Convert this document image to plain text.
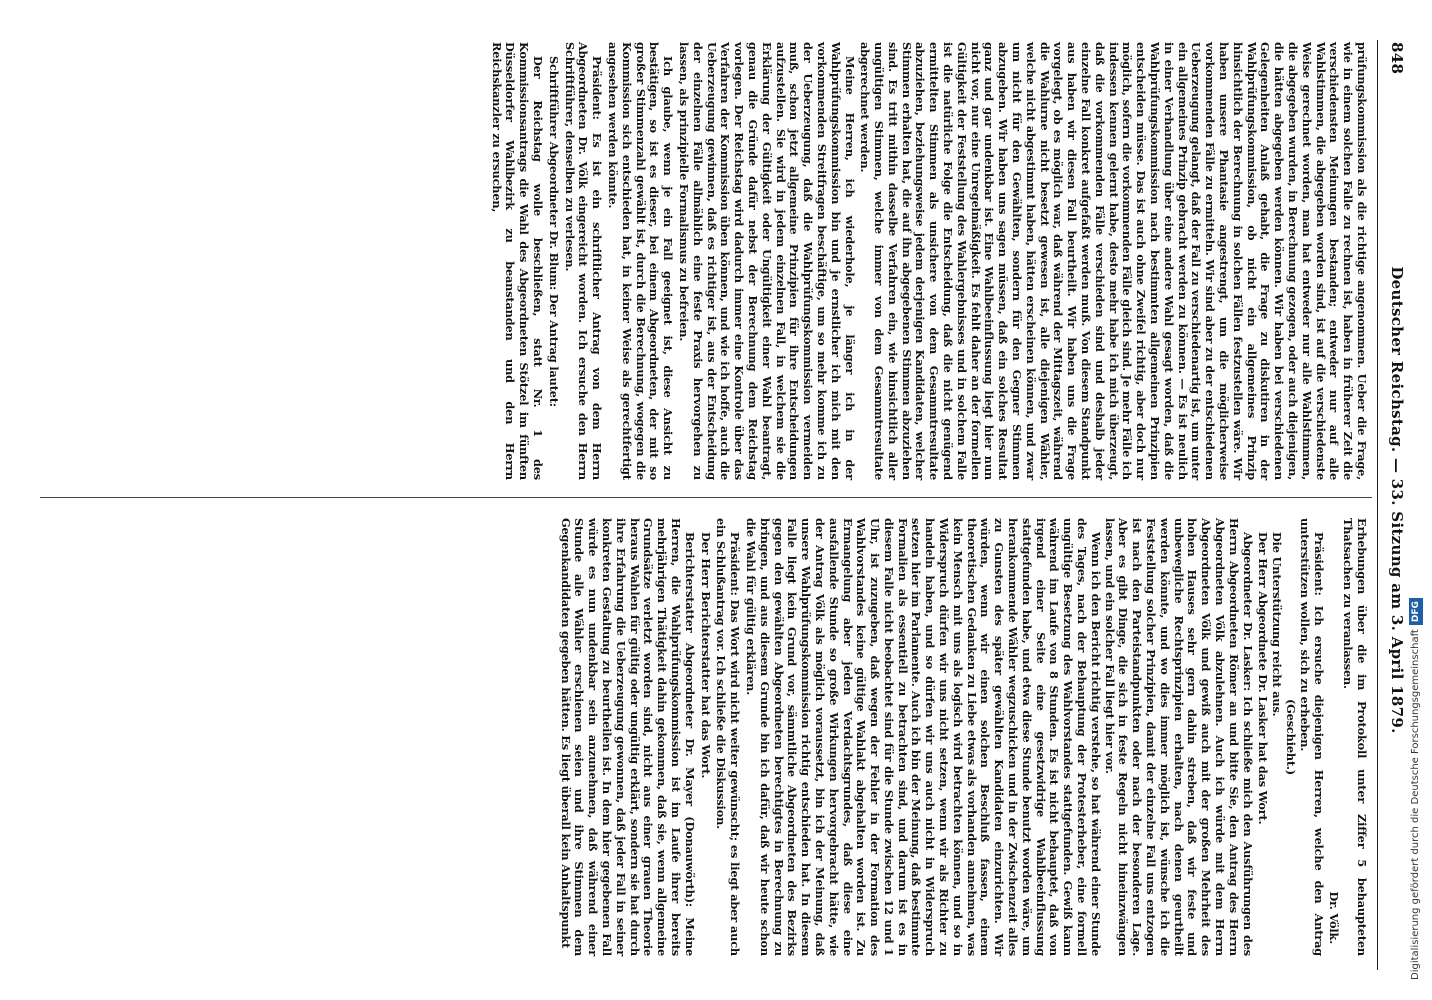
848
Deutscher Reichstag. — 33. Sitzung am 3. April 1879.

prüfungskommission als die richtige angenommen. Ueber die Frage, wie in einem solchen Falle zu rechnen ist, haben in früherer Zeit die verschiedensten Meinungen bestanden; entweder nur auf alle Wahlstimmen, die abgegeben worden sind, ist auf die verschiedenste Weise gerechnet worden, man hat entweder nur alle Wahlstimmen, die abgegeben wurden, in Berechnung gezogen, oder auch diejenigen, die hätten abgegeben werden können. Wir haben bei verschiedenen Gelegenheiten Anlaß gehabt, die Frage zu diskutiren in der Wahlprüfungskommission, ob nicht ein allgemeines Prinzip hinsichtlich der Berechnung in solchen Fällen festzustellen wäre. Wir haben unsere Phantasie angestrengt, um die möglicherweise vorkommenden Fälle zu ermitteln. Wir sind aber zu der entschiedenen Ueberzeugung gelangt, daß der Fall zu verschiedenartig ist, um unter ein allgemeines Prinzip gebracht werden zu können. — Es ist neulich in einer Verhandlung über eine andere Wahl gesagt worden, daß die Wahlprüfungskommission nach bestimmten allgemeinen Prinzipien entscheiden müsse. Das ist auch ohne Zweifel richtig, aber doch nur möglich, sofern die vorkommenden Fälle gleich sind. Je mehr Fälle ich indessen kennen gelernt habe, desto mehr habe ich mich überzeugt, daß die vorkommenden Fälle verschieden sind und deshalb jeder einzelne Fall konkret aufgefaßt werden muß. Von diesem Standpunkt aus haben wir diesen Fall beurtheilt. Wir haben uns die Frage vorgelegt, ob es möglich war, daß während der Mittagszeit, während die Wahlurne nicht besetzt gewesen ist, alle diejenigen Wähler, welche nicht abgestimmt haben, hätten erscheinen können, und zwar um nicht für den Gewählten, sondern für den Gegner Stimmen abzugeben. Wir haben uns sagen müssen, daß ein solches Resultat ganz und gar undenkbar ist. Eine Wahlbeeinflussung liegt hier nun nicht vor, nur eine Unregelmäßigkeit. Es fehlt daher an der formellen Gültigkeit der Feststellung des Wahlergebnisses und in solchem Falle ist die natürliche Folge die Entscheidung, daß die nicht genügend ermittelten Stimmen als unsichere von dem Gesammtresultate abzuziehen, beziehungsweise jedem derjenigen Kandidaten, welcher Stimmen erhalten hat, die auf ihn abgegebenen Stimmen abzuziehen sind. Es tritt mithin dasselbe Verfahren ein, wie hinsichtlich aller ungültigen Stimmen, welche immer von dem Gesammtresultate abgerechnet werden.

Meine Herren, ich wiederhole, je länger ich in der Wahlprüfungskommission bin und je ernstlicher ich mich mit den vorkommenden Streitfragen beschäftige, um so mehr komme ich zu der Ueberzeugung, daß die Wahlprüfungskommission vermeiden muß, schon jetzt allgemeine Prinzipien für ihre Entscheidungen aufzustellen. Sie wird in jedem einzelnen Fall, in welchem sie die Erklärung der Gültigkeit oder Ungültigkeit einer Wahl beantragt, genau die Gründe dafür nebst der Berechnung dem Reichstag vorlegen. Der Reichstag wird dadurch immer eine Kontrole über das Verfahren der Kommission üben können, und wie ich hoffe, auch die Ueberzeugung gewinnen, daß es richtiger ist, aus der Entscheidung der einzelnen Fälle allmählich eine feste Praxis hervorgehen zu lassen, als prinzipielle Formalismus zu befreien.

Ich glaube, wenn je ein Fall geeignet ist, diese Ansicht zu bestätigen, so ist es dieser, bei einem Abgeordneten, der mit so großer Stimmenzahl gewählt ist, durch die Berechnung, wogegen die Kommission sich entschieden hat, in keiner Weise als gerechtfertigt angesehen werden könnte.

Präsident: Es ist ein schriftlicher Antrag von dem Herrn Abgeordneten Dr. Völk eingereicht worden. Ich ersuche den Herrn Schriftführer, denselben zu verlesen.

Schriftführer Abgeordneter Dr. Blum: Der Antrag lautet:

Der Reichstag wolle beschließen, statt Nr. 1 des Kommissionsantrags die Wahl des Abgeordneten Stötzel im fünften Düsseldorfer Wahlbezirk zu beanstanden und den Herrn Reichskanzler zu ersuchen,

Erhebungen über die im Protokoll unter Ziffer 5 behaupteten Thatsachen zu veranlassen.

Dr. Völk.

Präsident: Ich ersuche diejenigen Herren, welche den Antrag unterstützen wollen, sich zu erheben.

(Geschieht.)

Die Unterstützung reicht aus.

Der Herr Abgeordnete Dr. Lasker hat das Wort.

Abgeordneter Dr. Lasker: Ich schließe mich den Ausführungen des Herrn Abgeordneten Römer an und bitte Sie, den Antrag des Herrn Abgeordneten Völk abzulehnen. Auch ich würde mit dem Herrn Abgeordneten Völk und gewiß auch mit der großen Mehrheit des hohen Hauses sehr gern dahin streben, daß wir feste und unbewegliche Rechtsprinzipien erhalten, nach denen geurtheilt werden könnte, und wo dies immer möglich ist, wünsche ich die Feststellung solcher Prinzipien, damit der einzelne Fall uns entzogen ist nach den Parteistandpunkten oder nach der besonderen Lage. Aber es gibt Dinge, die sich in feste Regeln nicht hineinzwängen lassen, und ein solcher Fall liegt hier vor.

Wenn ich den Bericht richtig verstehe, so hat während einer Stunde des Tages, nach der Behauptung der Protesterheber, eine formell ungültige Besetzung des Wahlvorstandes stattgefunden. Gewiß kann während im Laufe von 8 Stunden. Es ist nicht behauptet, daß von irgend einer Seite eine gesetzwidrige Wahlbeeinflussung stattgefunden habe, und etwa diese Stunde benutzt worden wäre, um herankommende Wähler wegzuschicken und in der Zwischenzeit alles zu Gunsten des später gewählten Kandidaten einzurichten. Wir würden, wenn wir einen solchen Beschluß fassen, einem theoretischen Gedanken zu Liebe etwas als vorhanden annehmen, was kein Mensch mit uns als logisch wird betrachten können, und so in Widerspruch dürfen wir uns nicht setzen, wenn wir als Richter zu handeln haben, und so dürfen wir uns auch nicht in Widerspruch setzen hier im Parlamente. Auch ich bin der Meinung, daß bestimmte Formalien als essentiell zu betrachten sind, und darum ist es in diesem Falle nicht beobachtet sind für die Stunde zwischen 12 und 1 Uhr, ist zuzugeben, daß wegen der Fehler in der Formation des Wahlvorstandes keine gültige Wahlakt abgehalten worden ist. Zu Ermangelung aber jeden Verdachtsgrundes, daß diese eine ausfallende Stunde so große Wirkungen hervorgebracht hätte, wie der Antrag Völk als möglich voraussetzt, bin ich der Meinung, daß unsere Wahlprüfungskommission richtig entschieden hat. In diesem Falle liegt kein Grund vor, sämmtliche Abgeordneten des Bezirks gegen den gewählten Abgeordneten berechtigtes in Berechnung zu bringen, und aus diesem Grunde bin ich dafür, daß wir heute schon die Wahl für gültig erklären.

Präsident: Das Wort wird nicht weiter gewünscht; es liegt aber auch ein Schlußantrag vor. Ich schließe die Diskussion.

Der Herr Berichterstatter hat das Wort.

Berichterstatter Abgeordneter Dr. Mayer (Donauwörth): Meine Herren, die Wahlprüfungskommission ist im Laufe ihrer bereits mehrjährigen Thätigkeit dahin gekommen, daß sie, wenn allgemeine Grundsätze verletzt worden sind, nicht aus einer grauen Theorie heraus Wahlen für gültig oder ungültig erklärt, sondern sie hat durch ihre Erfahrung die Ueberzeugung gewonnen, daß jeder Fall in seiner konkreten Gestaltung zu beurtheilen ist. In dem hier gegebenen Fall würde es nun undenkbar sein anzunehmen, daß während einer Stunde alle Wähler erschienen seien und ihre Stimmen dem Gegenkandidaten gegeben hätten. Es liegt überall kein Anhaltspunkt	Digitalisierung gefördert durch die Deutsche ForschungsgemeinschaftDFG
